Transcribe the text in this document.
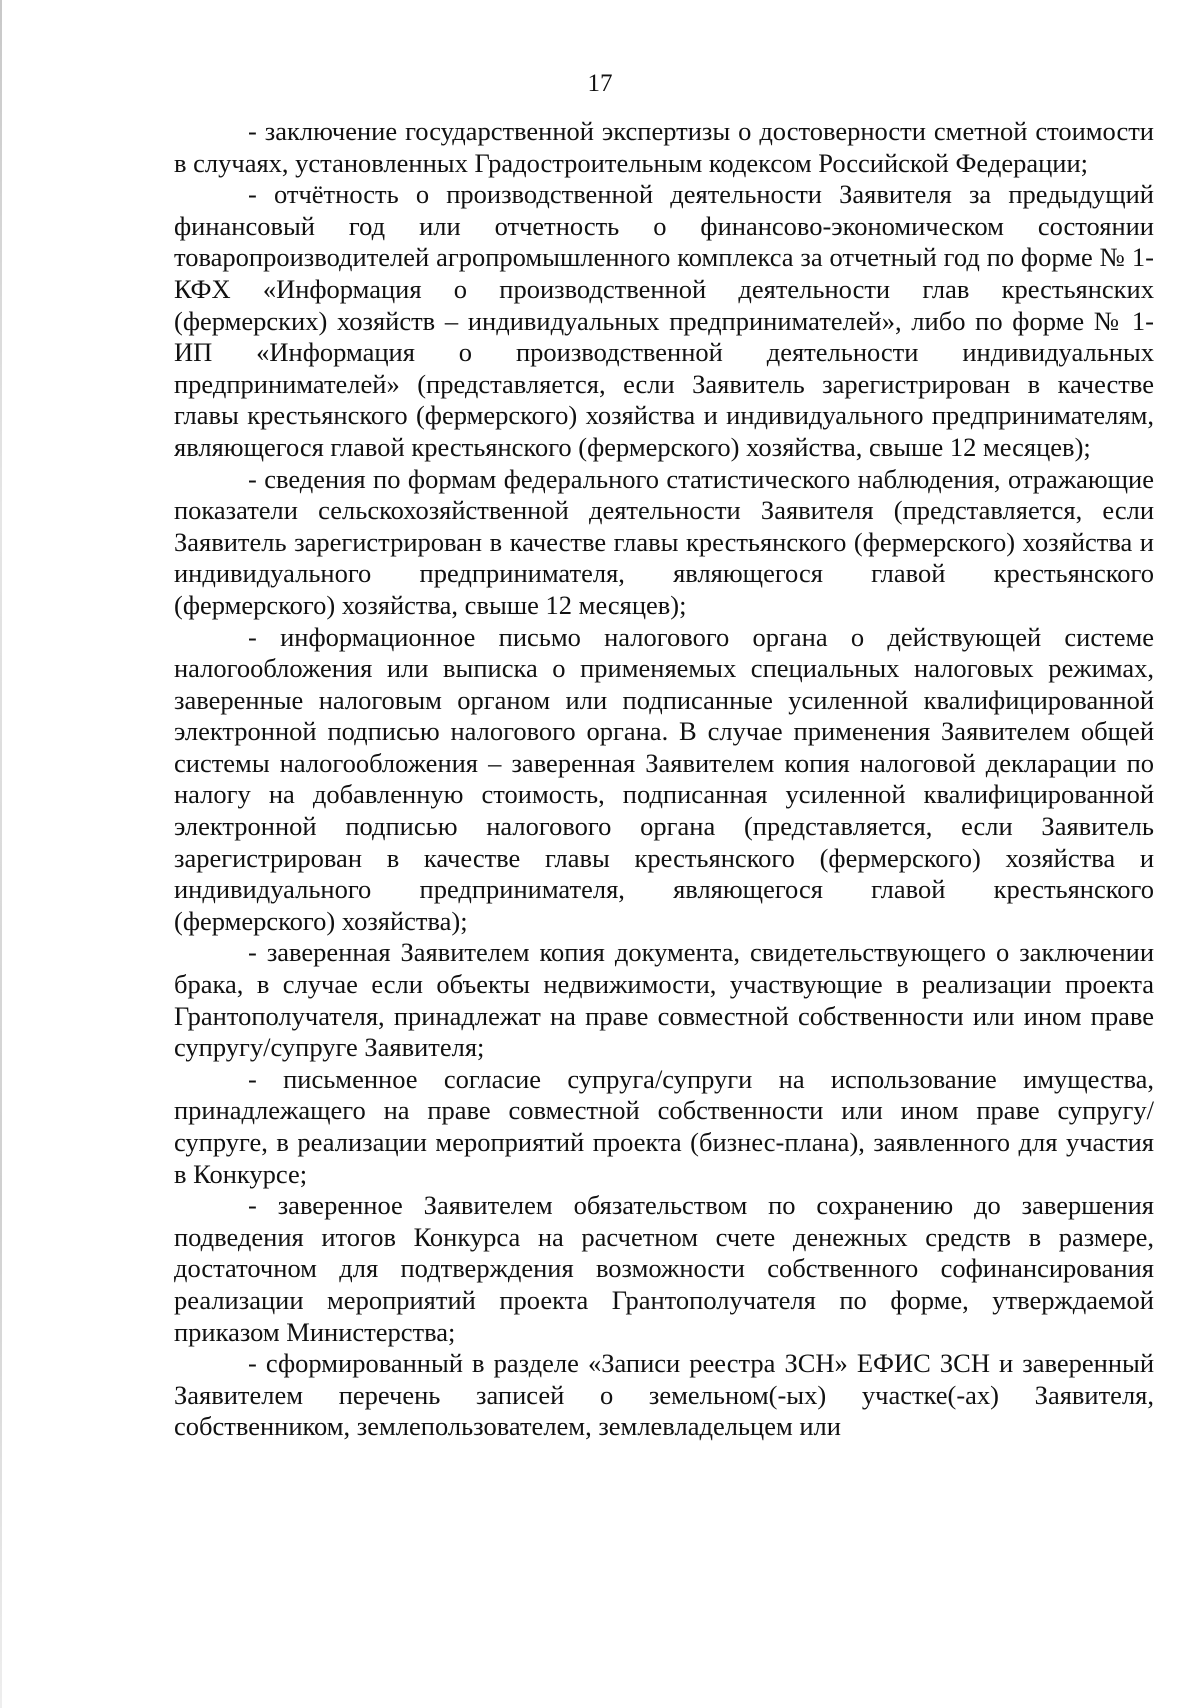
17

- заключение государственной экспертизы о достоверности сметной стоимости в случаях, установленных Градостроительным кодексом Российской Федерации;

- отчётность о производственной деятельности Заявителя за предыдущий финансовый год или отчетность о финансово-экономическом состоянии товаропроизводителей агропромышленного комплекса за отчетный год по форме № 1-КФХ «Информация о производственной деятельности глав крестьянских (фермерских) хозяйств – индивидуальных предпринимателей», либо по форме № 1-ИП «Информация о производственной деятельности индивидуальных предпринимателей» (представляется, если Заявитель зарегистрирован в качестве главы крестьянского (фермерского) хозяйства и индивидуального предпринимателям, являющегося главой крестьянского (фермерского) хозяйства, свыше 12 месяцев);

- сведения по формам федерального статистического наблюдения, отражающие показатели сельскохозяйственной деятельности Заявителя (представляется, если Заявитель зарегистрирован в качестве главы крестьянского (фермерского) хозяйства и индивидуального предпринимателя, являющегося главой крестьянского (фермерского) хозяйства, свыше 12 месяцев);

- информационное письмо налогового органа о действующей системе налогообложения или выписка о применяемых специальных налоговых режимах, заверенные налоговым органом или подписанные усиленной квалифицированной электронной подписью налогового органа. В случае применения Заявителем общей системы налогообложения – заверенная Заявителем копия налоговой декларации по налогу на добавленную стоимость, подписанная усиленной квалифицированной электронной подписью налогового органа (представляется, если Заявитель зарегистрирован в качестве главы крестьянского (фермерского) хозяйства и индивидуального предпринимателя, являющегося главой крестьянского (фермерского) хозяйства);

- заверенная Заявителем копия документа, свидетельствующего о заключении брака, в случае если объекты недвижимости, участвующие в реализации проекта Грантополучателя, принадлежат на праве совместной собственности или ином праве супругу/супруге Заявителя;

- письменное согласие супруга/супруги на использование имущества, принадлежащего на праве совместной собственности или ином праве супругу/супруге, в реализации мероприятий проекта (бизнес-плана), заявленного для участия в Конкурсе;

- заверенное Заявителем обязательством по сохранению до завершения подведения итогов Конкурса на расчетном счете денежных средств в размере, достаточном для подтверждения возможности собственного софинансирования реализации мероприятий проекта Грантополучателя по форме, утверждаемой приказом Министерства;

- сформированный в разделе «Записи реестра ЗСН» ЕФИС ЗСН и заверенный Заявителем перечень записей о земельном(-ых) участке(-ах) Заявителя, собственником, землепользователем, землевладельцем или
